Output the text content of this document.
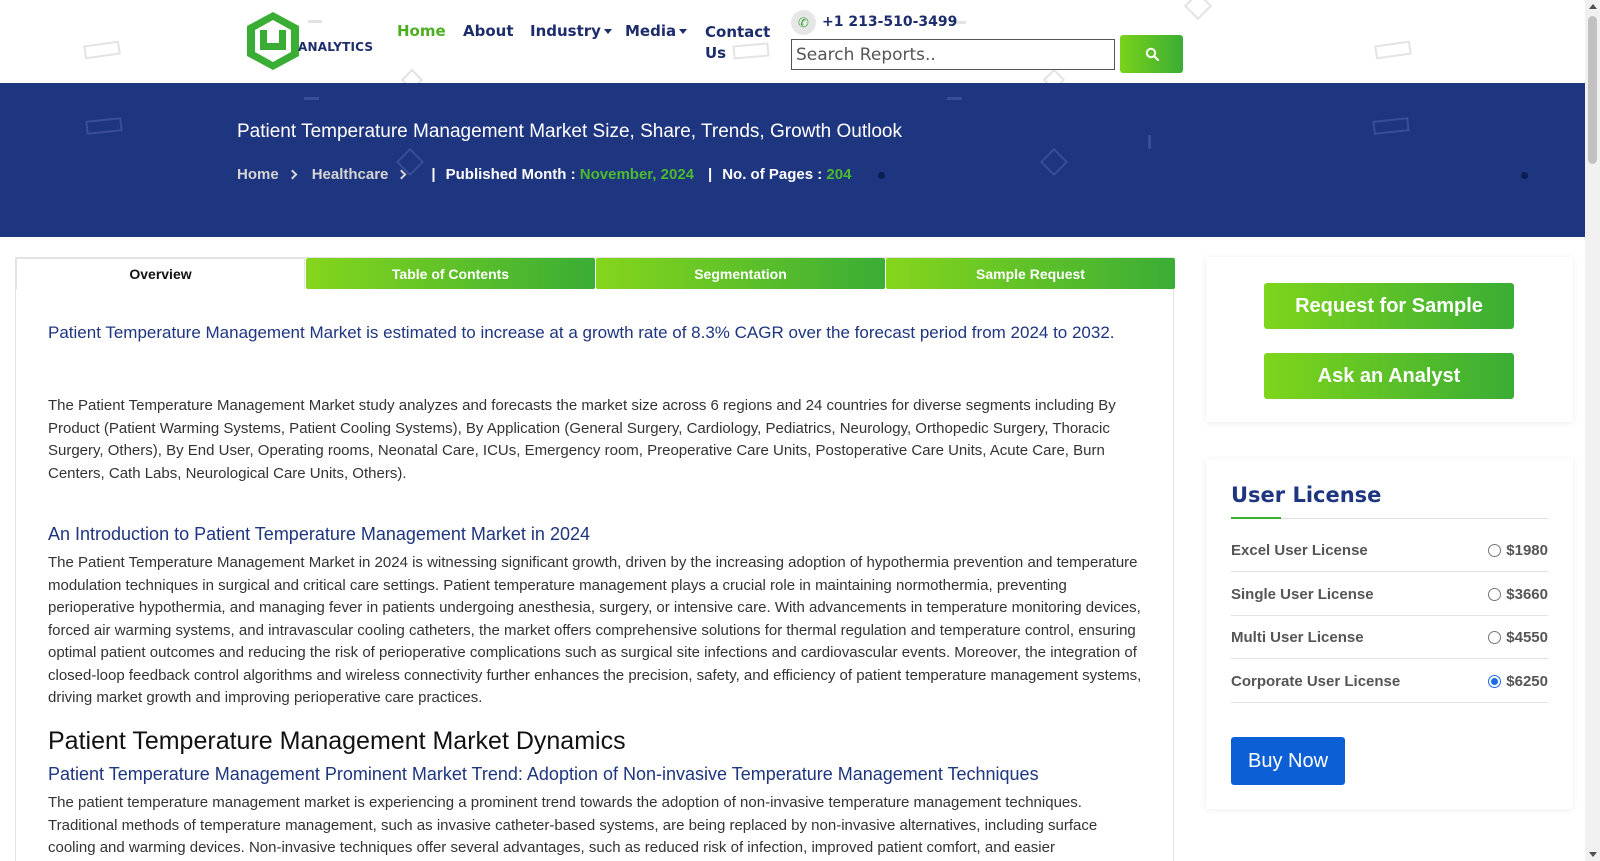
ANALYTICS
Home About Industry	Media	Contact Us
✆ +1 213-510-3499
Search Reports..
Patient Temperature Management Market Size, Share, Trends, Growth Outlook
Home Healthcare	| Published Month :
November, 2024 | No. of Pages :
204
Overview	Table of Contents	Segmentation	Sample Request
Patient Temperature Management Market is estimated to increase at a growth rate of 8.3% CAGR over the forecast period from 2024 to 2032.
The Patient Temperature Management Market study analyzes and forecasts the market size across 6 regions and 24 countries for diverse segments including By Product (Patient Warming Systems, Patient Cooling Systems), By Application (General Surgery, Cardiology, Pediatrics, Neurology, Orthopedic Surgery, Thoracic Surgery, Others), By End User, Operating rooms, Neonatal Care, ICUs, Emergency room, Preoperative Care Units, Postoperative Care Units, Acute Care, Burn Centers, Cath Labs, Neurological Care Units, Others).
An Introduction to Patient Temperature Management Market in 2024
The Patient Temperature Management Market in 2024 is witnessing significant growth, driven by the increasing adoption of hypothermia prevention and temperature modulation techniques in surgical and critical care settings. Patient temperature management plays a crucial role in maintaining normothermia, preventing perioperative hypothermia, and managing fever in patients undergoing anesthesia, surgery, or intensive care. With advancements in temperature monitoring devices, forced air warming systems, and intravascular cooling catheters, the market offers comprehensive solutions for thermal regulation and temperature control, ensuring optimal patient outcomes and reducing the risk of perioperative complications such as surgical site infections and cardiovascular events. Moreover, the integration of closed-loop feedback control algorithms and wireless connectivity further enhances the precision, safety, and efficiency of patient temperature management systems, driving market growth and improving perioperative care practices.
Patient Temperature Management Market Dynamics
Patient Temperature Management Prominent Market Trend: Adoption of Non-invasive Temperature Management Techniques
The patient temperature management market is experiencing a prominent trend towards the adoption of non-invasive temperature management techniques. Traditional methods of temperature management, such as invasive catheter-based systems, are being replaced by non-invasive alternatives, including surface cooling and warming devices. Non-invasive techniques offer several advantages, such as reduced risk of infection, improved patient comfort, and easier
Request for Sample
Ask an Analyst
User License
Excel User License	$1980
Single User License	$3660
Multi User License	$4550
Corporate User License	$6250
Buy Now
